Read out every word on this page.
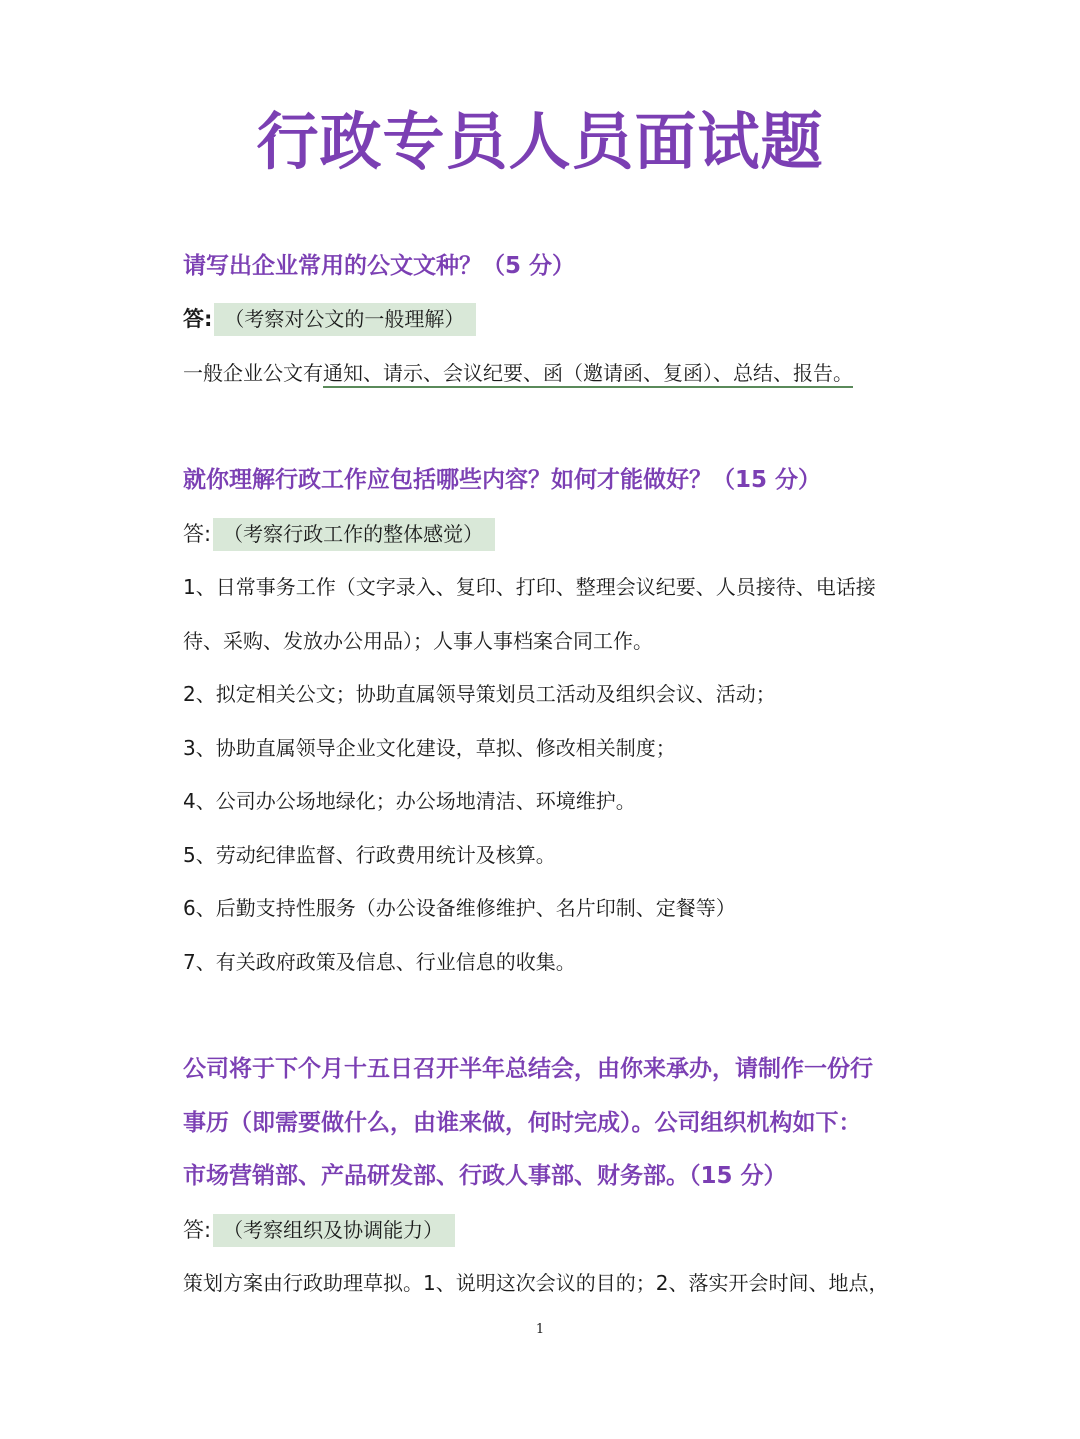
行政专员人员面试题
请写出企业常用的公文文种？（5 分）
答: （考察对公文的一般理解）
一般企业公文有通知、请示、会议纪要、函（邀请函、复函）、总结、报告。
就你理解行政工作应包括哪些内容？如何才能做好？（15 分）
答: （考察行政工作的整体感觉）
1、日常事务工作（文字录入、复印、打印、整理会议纪要、人员接待、电话接
待、采购、发放办公用品）；人事人事档案合同工作。
2、拟定相关公文；协助直属领导策划员工活动及组织会议、活动；
3、协助直属领导企业文化建设，草拟、修改相关制度；
4、公司办公场地绿化；办公场地清洁、环境维护。
5、劳动纪律监督、行政费用统计及核算。
6、后勤支持性服务（办公设备维修维护、名片印制、定餐等）
7、有关政府政策及信息、行业信息的收集。
公司将于下个月十五日召开半年总结会，由你来承办，请制作一份行
事历（即需要做什么，由谁来做，何时完成）。公司组织机构如下：
市场营销部、产品研发部、行政人事部、财务部。（15 分）
答: （考察组织及协调能力）
策划方案由行政助理草拟。1、说明这次会议的目的；2、落实开会时间、地点，
1
